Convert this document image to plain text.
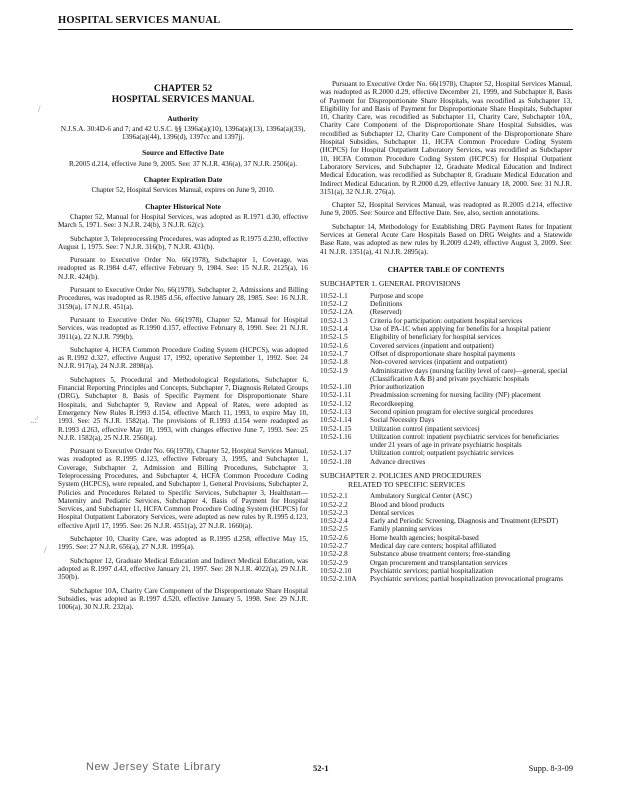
HOSPITAL SERVICES MANUAL
/
..:'
/
CHAPTER 52
HOSPITAL SERVICES MANUAL
Authority
N.J.S.A. 30:4D-6 and 7; and 42 U.S.C. §§ 1396a(a)(10), 1396a(a)(13), 1396a(a)(33), 1396a(a)(44), 1396(d), 1397cc and 1397jj.
Source and Effective Date
R.2005 d.214, effective June 9, 2005. See: 37 N.J.R. 436(a), 37 N.J.R. 2506(a).
Chapter Expiration Date
Chapter 52, Hospital Services Manual, expires on June 9, 2010.
Chapter Historical Note

Chapter 52, Manual for Hospital Services, was adopted as R.1971 d.30, effective March 5, 1971. See: 3 N.J.R. 24(b), 3 N.J.R. 62(c).

Subchapter 3, Telepreocessing Procedures, was adopted as R.1975 d.230, effective August 1, 1975. See: 7 N.J.R. 316(b), 7 N.J.R. 431(b).

Pursuant to Executive Order No. 66(1978), Subchapter 1, Coverage, was readopted as R.1984 d.47, effective February 9, 1984. See: 15 N.J.R. 2125(a), 16 N.J.R. 424(b).

Pursuant to Executive Order No. 66(1978), Subchapter 2, Admissions and Billing Procedures, was readopted as R.1985 d.56, effective January 28, 1985. See: 16 N.J.R. 3159(a), 17 N.J.R. 451(a).

Pursuant to Executive Order No. 66(1978), Chapter 52, Manual for Hospital Services, was readopted as R.1990 d.157, effective February 8, 1990. See: 21 N.J.R. 3911(a), 22 N.J.R. 799(b).

Subchapter 4, HCFA Common Procedure Coding System (HCPCS), was adopted as R.1992 d.327, effective August 17, 1992, operative September 1, 1992. See: 24 N.J.R. 917(a), 24 N.J.R. 2898(a).

Subchapters 5, Procedural and Methodological Regulations, Subchapter 6, Financial Reporting Principles and Concepts, Subchapter 7, Diagnosis Related Groups (DRG), Subchapter 8, Basis of Specific Payment for Disproportionate Share Hospitals, and Subchapter 9, Review and Appeal of Rates, were adopted as Emergency New Rules R.1993 d.154, effective March 11, 1993, to expire May 10, 1993. See: 25 N.J.R. 1582(a). The provisions of R.1993 d.154 were readopted as R.1993 d.263, effective May 10, 1993, with changes effective June 7, 1993. See: 25 N.J.R. 1582(a), 25 N.J.R. 2560(a).

Pursuant to Executive Order No. 66(1978), Chapter 52, Hospital Services Manual, was readopted as R.1995 d.123, effective February 3, 1995, and Subchapter 1, Coverage, Subchapter 2, Admission and Billing Procedures, Subchapter 3, Teleprocessing Procedures, and Subchapter 4, HCFA Common Procedure Coding System (HCPCS), were repealed, and Subchapter 1, General Provisions, Subchapter 2, Policies and Procedures Related to Specific Services, Subchapter 3, Healthstart—Maternity and Pediatric Services, Subchapter 4, Basis of Payment for Hospital Services, and Subchapter 11, HCFA Common Procedure Coding System (HCPCS) for Hospital Outpatient Laboratory Services, were adopted as new rules by R.1995 d.123, effective April 17, 1995. See: 26 N.J.R. 4551(a), 27 N.J.R. 1660(a).

Subchapter 10, Charity Care, was adopted as R.1995 d.258, effective May 15, 1995. See: 27 N.J.R. 656(a), 27 N.J.R. 1995(a).

Subchapter 12, Graduate Medical Education and Indirect Medical Education, was adopted as R.1997 d.43, effective January 21, 1997. See: 28 N.J.R. 4022(a), 29 N.J.R. 350(b).

Subchapter 10A, Charity Care Component of the Disproportionate Share Hospital Subsidies, was adopted as R.1997 d.520, effective January 5, 1998. See: 29 N.J.R. 1006(a), 30 N.J.R. 232(a).

Pursuant to Executive Order No. 66(1978), Chapter 52, Hospital Services Manual, was readopted as R.2000 d.29, effective December 21, 1999, and Subchapter 8, Basis of Payment for Disproportionate Share Hospitals, was recodified as Subchapter 13, Eligibility for and Basis of Payment for Disproportionate Share Hospitals, Subchapter 10, Charity Care, was recodified as Subchapter 11, Charity Care, Subchapter 10A, Charity Care Component of the Disproportionate Share Hospital Subsidies, was recodified as Subchapter 12, Charity Care Component of the Disproportionate Share Hospital Subsidies, Subchapter 11, HCFA Common Procedure Coding System (HCPCS) for Hospital Outpatient Laboratory Services, was recodified as Subchapter 10, HCFA Common Procedure Coding System (HCPCS) for Hospital Outpatient Laboratory Services, and Subchapter 12, Graduate Medical Education and Indirect Medical Education, was recodified as Subchapter 8, Graduate Medical Education and Indirect Medical Education. by R.2000 d.29, effective January 18, 2000. See: 31 N.J.R. 3151(a), 32 N.J.R. 276(a).

Chapter 52, Hospital Services Manual, was readopted as R.2005 d.214, effective June 9, 2005. See: Source and Effective Date. See, also, section annotations.

Subchapter 14, Methodology for Establishing DRG Payment Rates for Inpatient Services at General Acute Care Hospitals Based on DRG Weights and a Statewide Base Rate, was adopted as new rules by R.2009 d.249, effective August 3, 2009. See: 41 N.J.R. 1351(a), 41 N.J.R. 2895(a).

CHAPTER TABLE OF CONTENTS
SUBCHAPTER 1. GENERAL PROVISIONS
10:52-1.1	Purpose and scope
10:52-1.2	Definitions
10:52-1.2A	(Reserved)
10:52-1.3	Criteria for participation: outpatient hospital services
10:52-1.4	Use of PA-1C when applying for benefits for a hospital patient
10:52-1.5	Eligibility of beneficiary for hospital services
10:52-1.6	Covered services (inpatient and outpatient)
10:52-1.7	Offset of disproportionate share hospital payments
10:52-1.8	Non-covered services (inpatient and outpatient)
10:52-1.9	Administrative days (nursing facility level of care)—general, special (Classification A & B) and private psychiatric hospitals
10:52-1.10	Prior authorization
10:52-1.11	Preadmission screening for nursing facility (NF) placement
10:52-1.12	Recordkeeping
10:52-1.13	Second opinion program for elective surgical procedures
10:52-1.14	Social Necessity Days
10:52-1.15	Utilization control (inpatient services)
10:52-1.16	Utilization control: inpatient psychiatric services for beneficiaries under 21 years of age in private psychiatric hospitals
10:52-1.17	Utilization control; outpatient psychiatric services
10:52-1.18	Advance directives
SUBCHAPTER 2. POLICIES AND PROCEDURES
RELATED TO SPECIFIC SERVICES
10:52-2.1	Ambulatory Surgical Center (ASC)
10:52-2.2	Blood and blood products
10:52-2.3	Dental services
10:52-2.4	Early and Periodic Screening, Diagnosis and Treatment (EPSDT)
10:52-2.5	Family planning services
10:52-2.6	Home health agencies; hospital-based
10:52-2.7	Medical day care centers; hospital affiliated
10:52-2.8	Substance abuse treatment centers; free-standing
10:52-2.9	Organ procurement and transplantation services
10:52-2.10	Psychiatric services; partial hospitalization
10:52-2.10A	Psychiatric services; partial hospitalization prevocational programs
New Jersey State Library	52-1	Supp. 8-3-09
